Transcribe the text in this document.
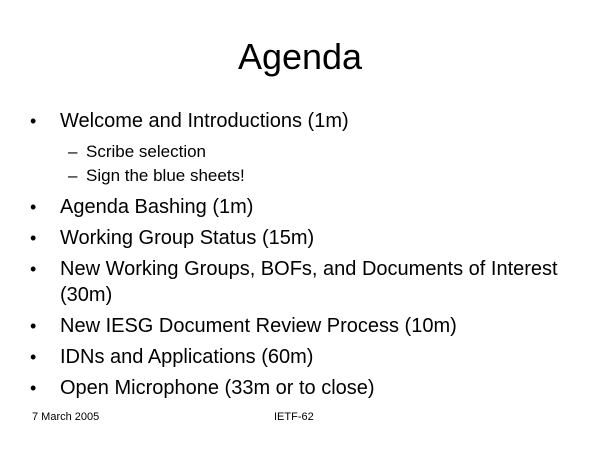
Agenda
• Welcome and Introductions (1m)
– Scribe selection
– Sign the blue sheets!
• Agenda Bashing (1m)
• Working Group Status (15m)
• New Working Groups, BOFs, and Documents of Interest (30m)
• New IESG Document Review Process (10m)
• IDNs and Applications (60m)
• Open Microphone (33m or to close)
7 March 2005	IETF-62
